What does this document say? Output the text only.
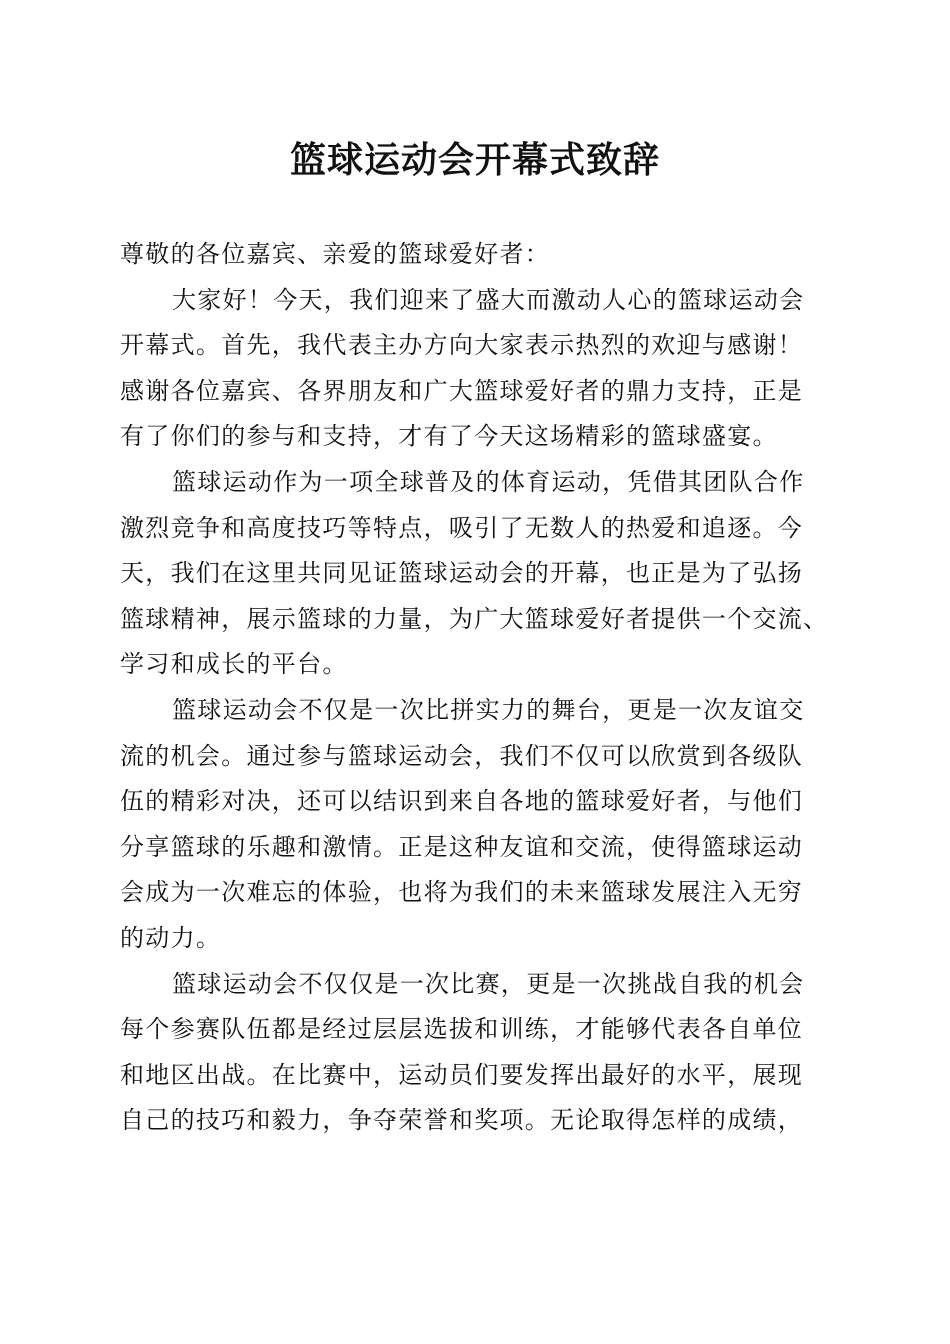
篮球运动会开幕式致辞
尊敬的各位嘉宾、亲爱的篮球爱好者：
大家好！今天，我们迎来了盛大而激动人心的篮球运动会
开幕式。首先，我代表主办方向大家表示热烈的欢迎与感谢！
感谢各位嘉宾、各界朋友和广大篮球爱好者的鼎力支持，正是
有了你们的参与和支持，才有了今天这场精彩的篮球盛宴。
篮球运动作为一项全球普及的体育运动，凭借其团队合作
激烈竞争和高度技巧等特点，吸引了无数人的热爱和追逐。今
天，我们在这里共同见证篮球运动会的开幕，也正是为了弘扬
篮球精神，展示篮球的力量，为广大篮球爱好者提供一个交流、
学习和成长的平台。
篮球运动会不仅是一次比拼实力的舞台，更是一次友谊交
流的机会。通过参与篮球运动会，我们不仅可以欣赏到各级队
伍的精彩对决，还可以结识到来自各地的篮球爱好者，与他们
分享篮球的乐趣和激情。正是这种友谊和交流，使得篮球运动
会成为一次难忘的体验，也将为我们的未来篮球发展注入无穷
的动力。
篮球运动会不仅仅是一次比赛，更是一次挑战自我的机会
每个参赛队伍都是经过层层选拔和训练，才能够代表各自单位
和地区出战。在比赛中，运动员们要发挥出最好的水平，展现
自己的技巧和毅力，争夺荣誉和奖项。无论取得怎样的成绩，
